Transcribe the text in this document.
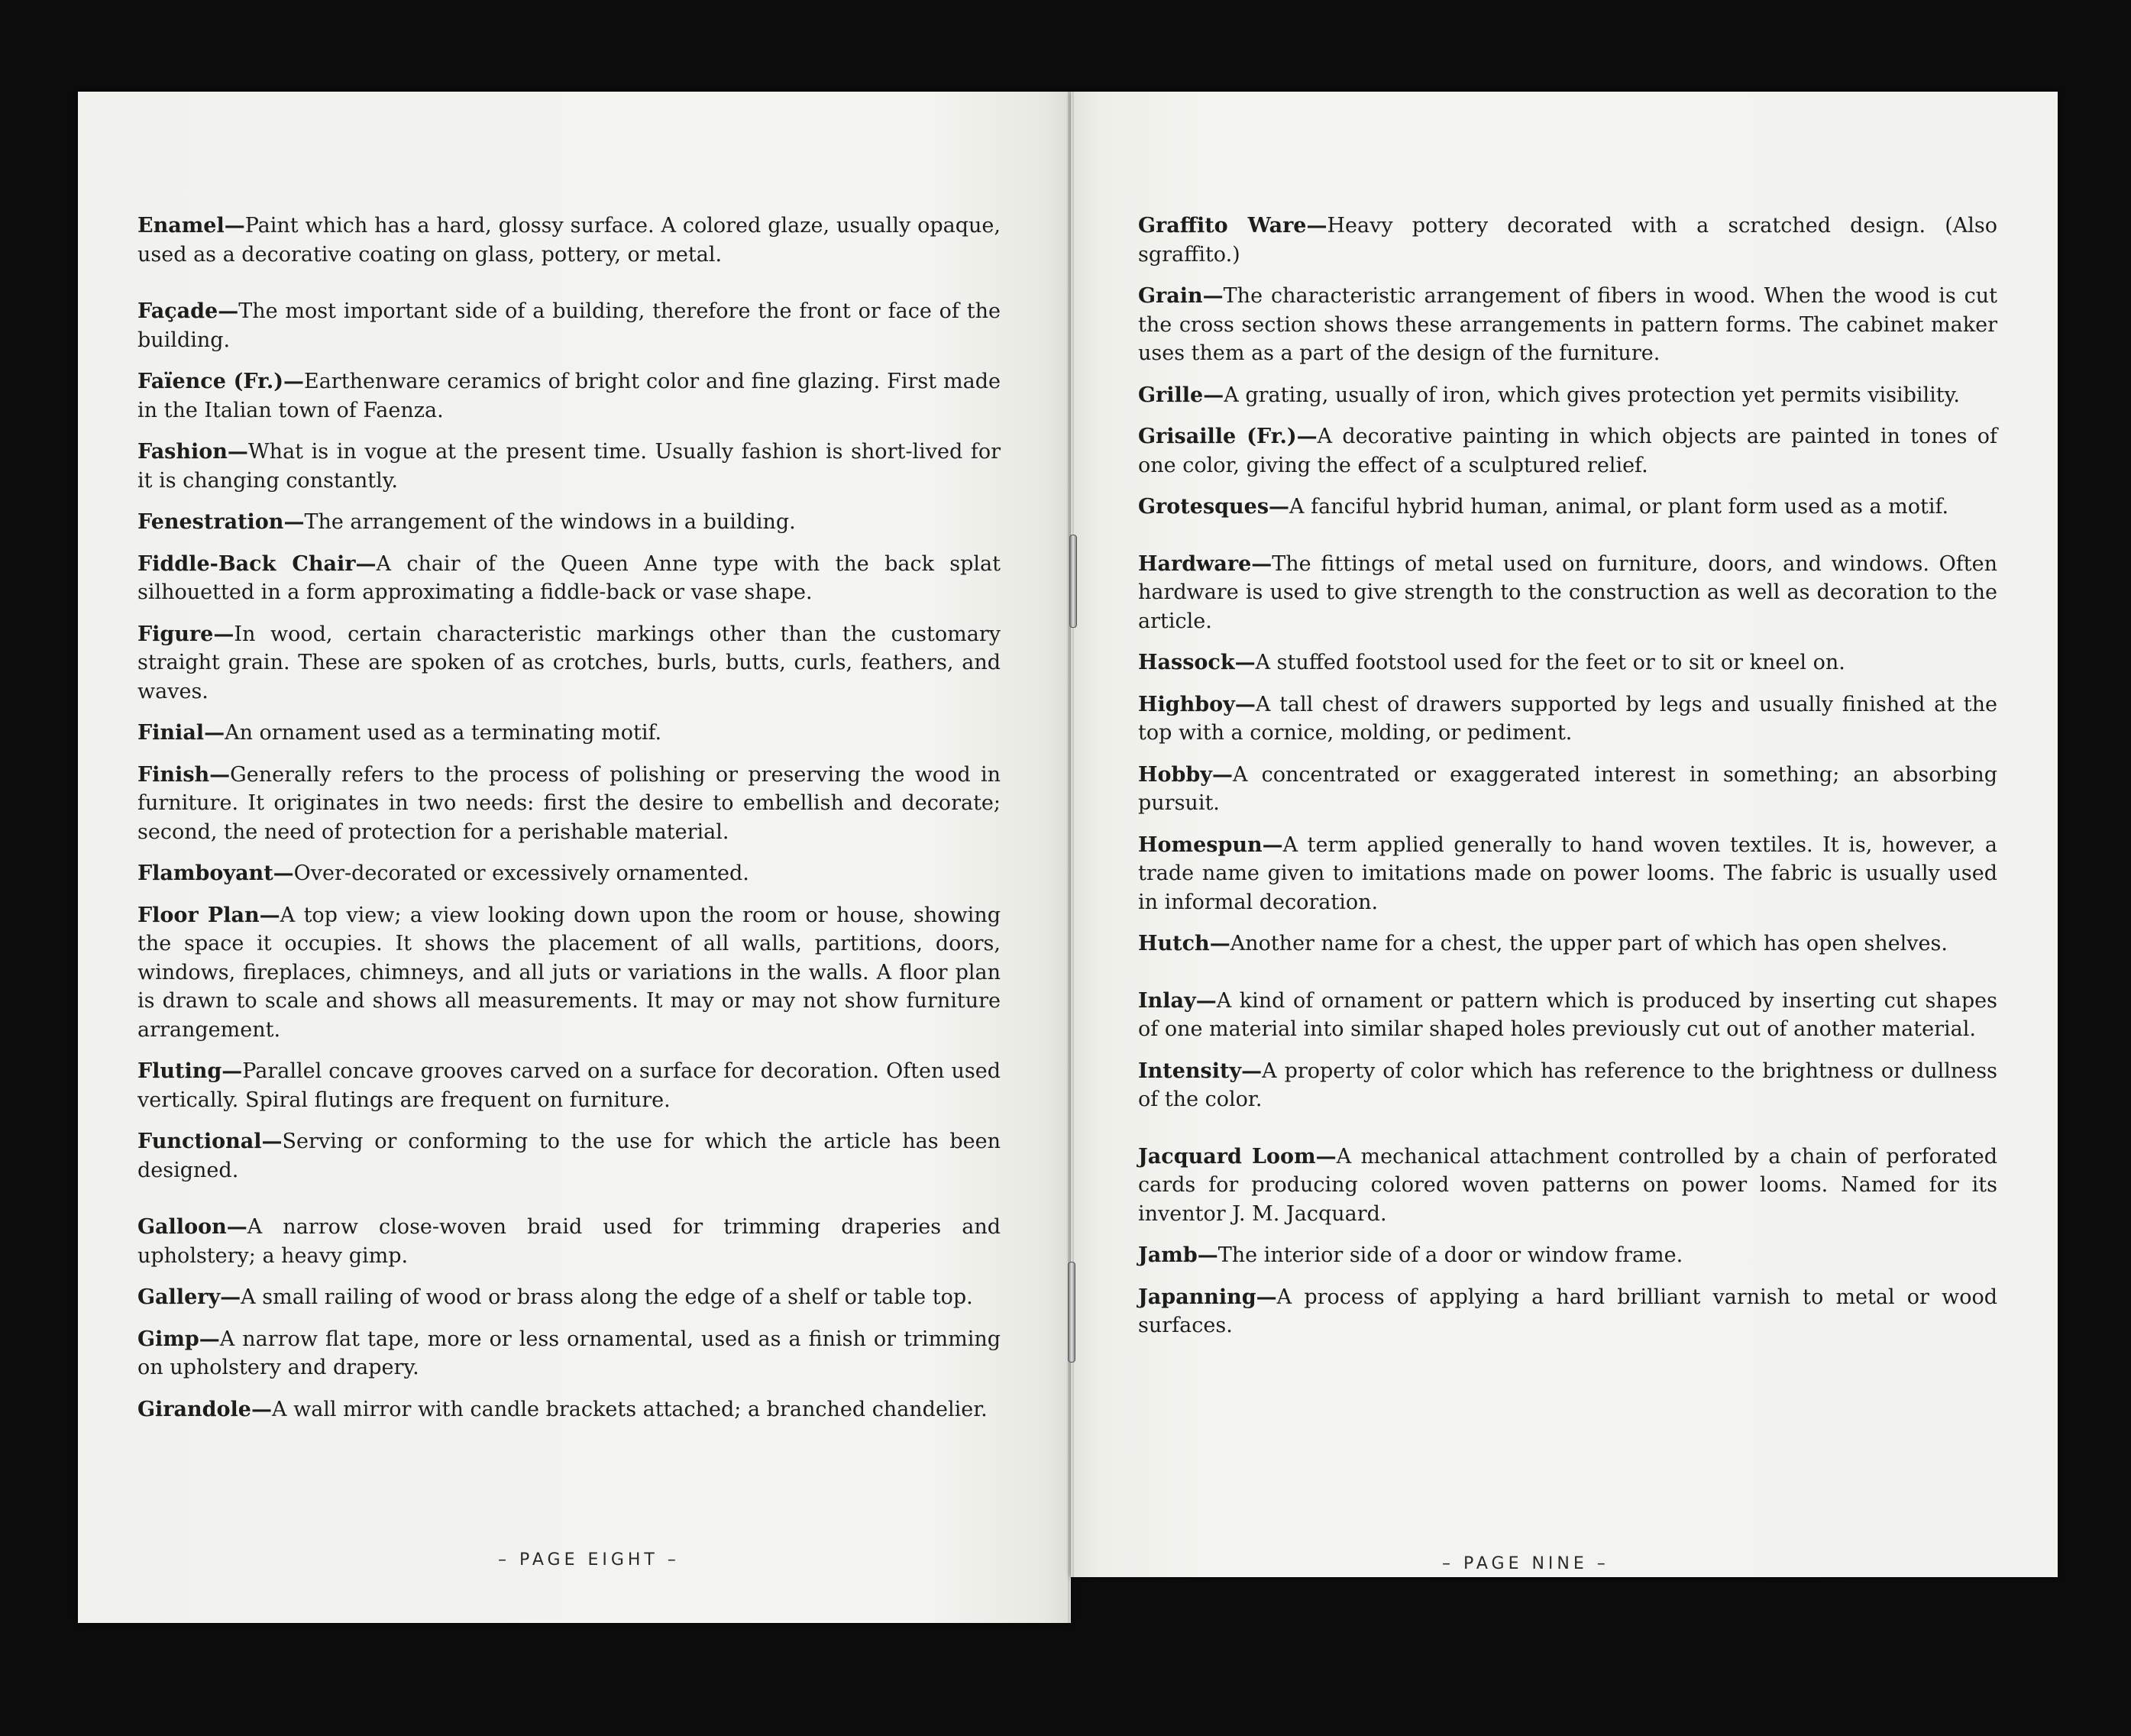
Enamel—Paint which has a hard, glossy surface. A colored glaze, usually opaque, used as a decorative coating on glass, pottery, or metal.

Façade—The most important side of a building, therefore the front or face of the building.

Faïence (Fr.)—Earthenware ceramics of bright color and fine glazing. First made in the Italian town of Faenza.

Fashion—What is in vogue at the present time. Usually fashion is short-lived for it is changing constantly.

Fenestration—The arrangement of the windows in a building.

Fiddle-Back Chair—A chair of the Queen Anne type with the back splat silhouetted in a form approximating a fiddle-back or vase shape.

Figure—In wood, certain characteristic markings other than the customary straight grain. These are spoken of as crotches, burls, butts, curls, feathers, and waves.

Finial—An ornament used as a terminating motif.

Finish—Generally refers to the process of polishing or preserving the wood in furniture. It originates in two needs: first the desire to embellish and decorate; second, the need of protection for a perishable material.

Flamboyant—Over-decorated or excessively ornamented.

Floor Plan—A top view; a view looking down upon the room or house, showing the space it occupies. It shows the placement of all walls, partitions, doors, windows, fireplaces, chimneys, and all juts or variations in the walls. A floor plan is drawn to scale and shows all measurements. It may or may not show furniture arrangement.

Fluting—Parallel concave grooves carved on a surface for decoration. Often used vertically. Spiral flutings are frequent on furniture.

Functional—Serving or conforming to the use for which the article has been designed.

Galloon—A narrow close-woven braid used for trimming draperies and upholstery; a heavy gimp.

Gallery—A small railing of wood or brass along the edge of a shelf or table top.

Gimp—A narrow flat tape, more or less ornamental, used as a finish or trimming on upholstery and drapery.

Girandole—A wall mirror with candle brackets attached; a branched chandelier.

– PAGE EIGHT –

Graffito Ware—Heavy pottery decorated with a scratched design. (Also sgraffito.)

Grain—The characteristic arrangement of fibers in wood. When the wood is cut the cross section shows these arrangements in pattern forms. The cabinet maker uses them as a part of the design of the furniture.

Grille—A grating, usually of iron, which gives protection yet permits visibility.

Grisaille (Fr.)—A decorative painting in which objects are painted in tones of one color, giving the effect of a sculptured relief.

Grotesques—A fanciful hybrid human, animal, or plant form used as a motif.

Hardware—The fittings of metal used on furniture, doors, and windows. Often hardware is used to give strength to the construction as well as decoration to the article.

Hassock—A stuffed footstool used for the feet or to sit or kneel on.

Highboy—A tall chest of drawers supported by legs and usually finished at the top with a cornice, molding, or pediment.

Hobby—A concentrated or exaggerated interest in something; an absorbing pursuit.

Homespun—A term applied generally to hand woven textiles. It is, however, a trade name given to imitations made on power looms. The fabric is usually used in informal decoration.

Hutch—Another name for a chest, the upper part of which has open shelves.

Inlay—A kind of ornament or pattern which is produced by inserting cut shapes of one material into similar shaped holes previously cut out of another material.

Intensity—A property of color which has reference to the brightness or dullness of the color.

Jacquard Loom—A mechanical attachment controlled by a chain of perforated cards for producing colored woven patterns on power looms. Named for its inventor J. M. Jacquard.

Jamb—The interior side of a door or window frame.

Japanning—A process of applying a hard brilliant varnish to metal or wood surfaces.

– PAGE NINE –
